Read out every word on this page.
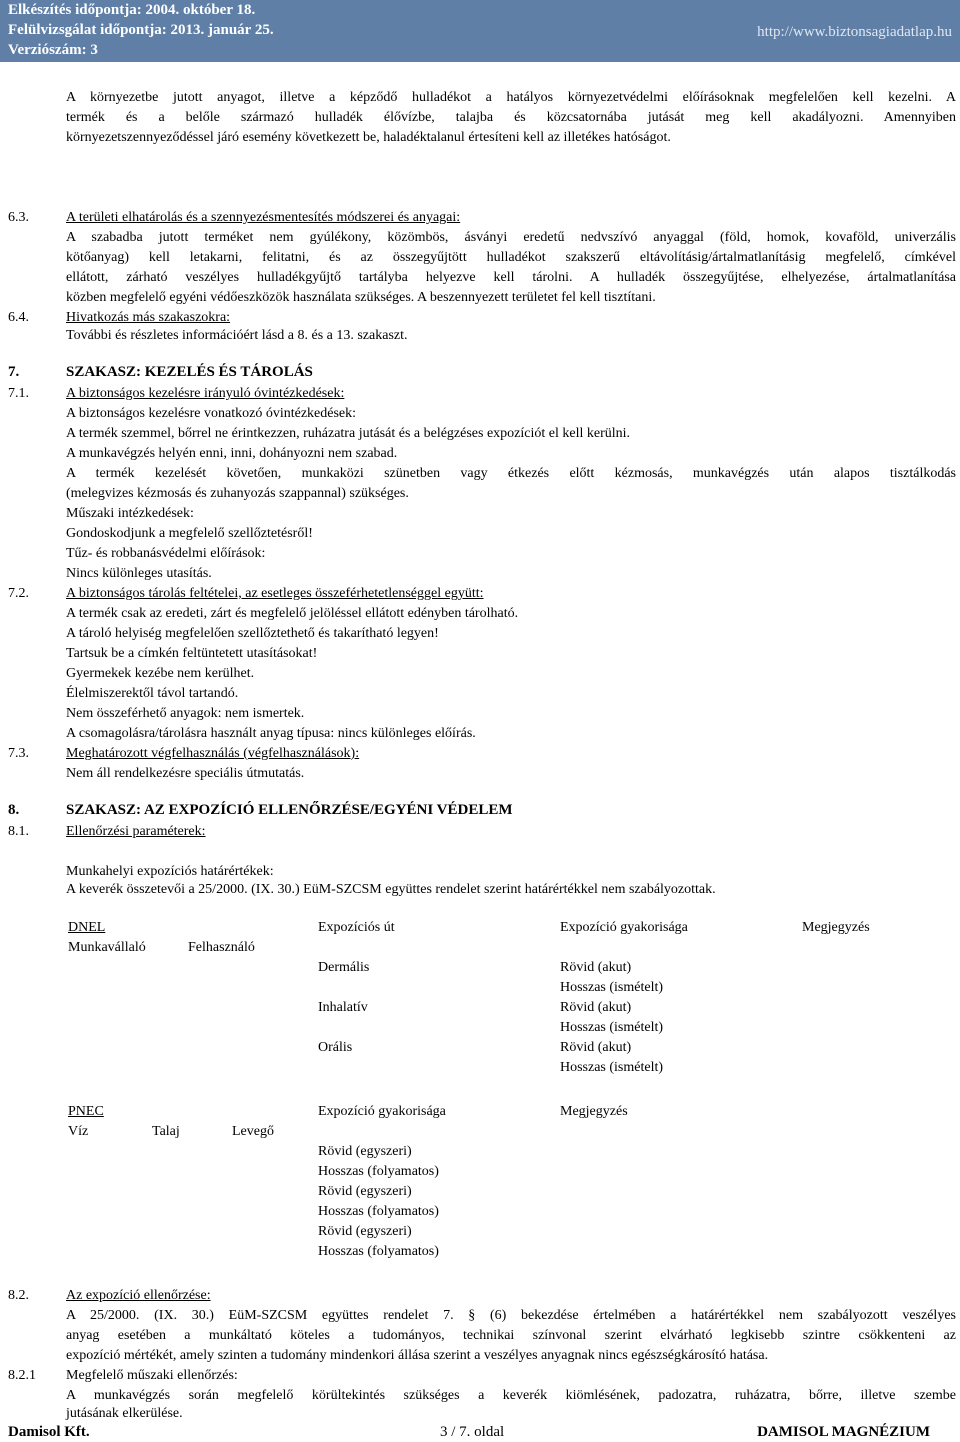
Elkészítés időpontja: 2004. október 18.
Felülvizsgálat időpontja: 2013. január 25.
Verziószám: 3
http://www.biztonsagiadatlap.hu
A környezetbe jutott anyagot, illetve a képződő hulladékot a hatályos környezetvédelmi előírásoknak megfelelően kell kezelni. A
termék és a belőle származó hulladék élővízbe, talajba és közcsatornába jutását meg kell akadályozni. Amennyiben
környezetszennyeződéssel járó esemény következett be, haladéktalanul értesíteni kell az illetékes hatóságot.
6.3.	A területi elhatárolás és a szennyezésmentesítés módszerei és anyagai:
A szabadba jutott terméket nem gyúlékony, közömbös, ásványi eredetű nedvszívó anyaggal (föld, homok, kovaföld, univerzális
kötőanyag) kell letakarni, felitatni, és az összegyűjtött hulladékot szakszerű eltávolításig/ártalmatlanításig megfelelő, címkével
ellátott, zárható veszélyes hulladékgyűjtő tartályba helyezve kell tárolni. A hulladék összegyűjtése, elhelyezése, ártalmatlanítása
közben megfelelő egyéni védőeszközök használata szükséges. A beszennyezett területet fel kell tisztítani.
6.4.	Hivatkozás más szakaszokra:
További és részletes információért lásd a 8. és a 13. szakaszt.
7.	SZAKASZ: KEZELÉS ÉS TÁROLÁS
7.1.	A biztonságos kezelésre irányuló óvintézkedések:
A biztonságos kezelésre vonatkozó óvintézkedések:
A termék szemmel, bőrrel ne érintkezzen, ruházatra jutását és a belégzéses expozíciót el kell kerülni.
A munkavégzés helyén enni, inni, dohányozni nem szabad.
A termék kezelését követően, munkaközi szünetben vagy étkezés előtt kézmosás, munkavégzés után alapos tisztálkodás
(melegvizes kézmosás és zuhanyozás szappannal) szükséges.
Műszaki intézkedések:
Gondoskodjunk a megfelelő szellőztetésről!
Tűz- és robbanásvédelmi előírások:
Nincs különleges utasítás.
7.2.	A biztonságos tárolás feltételei, az esetleges összeférhetetlenséggel együtt:
A termék csak az eredeti, zárt és megfelelő jelöléssel ellátott edényben tárolható.
A tároló helyiség megfelelően szellőztethető és takarítható legyen!
Tartsuk be a címkén feltüntetett utasításokat!
Gyermekek kezébe nem kerülhet.
Élelmiszerektől távol tartandó.
Nem összeférhető anyagok: nem ismertek.
A csomagolásra/tárolásra használt anyag típusa: nincs különleges előírás.
7.3.	Meghatározott végfelhasználás (végfelhasználások):
Nem áll rendelkezésre speciális útmutatás.
8.	SZAKASZ: AZ EXPOZÍCIÓ ELLENŐRZÉSE/EGYÉNI VÉDELEM
8.1.	Ellenőrzési paraméterek:
Munkahelyi expozíciós határértékek:
A keverék összetevői a 25/2000. (IX. 30.) EüM-SZCSM együttes rendelet szerint határértékkel nem szabályozottak.
DNEL		Expozíciós út	Expozíció gyakorisága	Megjegyzés
Munkavállaló	Felhasználó			
		Dermális	Rövid (akut)
Hosszas (ismételt)	

		Inhalatív	Rövid (akut)
Hosszas (ismételt)	

		Orális	Rövid (akut)
Hosszas (ismételt)	

PNEC			Expozíció gyakorisága	Megjegyzés
Víz	Talaj	Levegő		

			Rövid (egyszeri)
Hosszas (folyamatos)	

			Rövid (egyszeri)
Hosszas (folyamatos)	

			Rövid (egyszeri)
Hosszas (folyamatos)	

8.2.	Az expozíció ellenőrzése:
A 25/2000. (IX. 30.) EüM-SZCSM együttes rendelet 7. § (6) bekezdése értelmében a határértékkel nem szabályozott veszélyes
anyag esetében a munkáltató köteles a tudományos, technikai színvonal szerint elvárható legkisebb szintre csökkenteni az
expozíció mértékét, amely szinten a tudomány mindenkori állása szerint a veszélyes anyagnak nincs egészségkárosító hatása.
8.2.1 Megfelelő műszaki ellenőrzés:
A munkavégzés során megfelelő körültekintés szükséges a keverék kiömlésének, padozatra, ruházatra, bőrre, illetve szembe
jutásának elkerülése.
Damisol Kft.	3 / 7. oldal	DAMISOL MAGNÉZIUM
